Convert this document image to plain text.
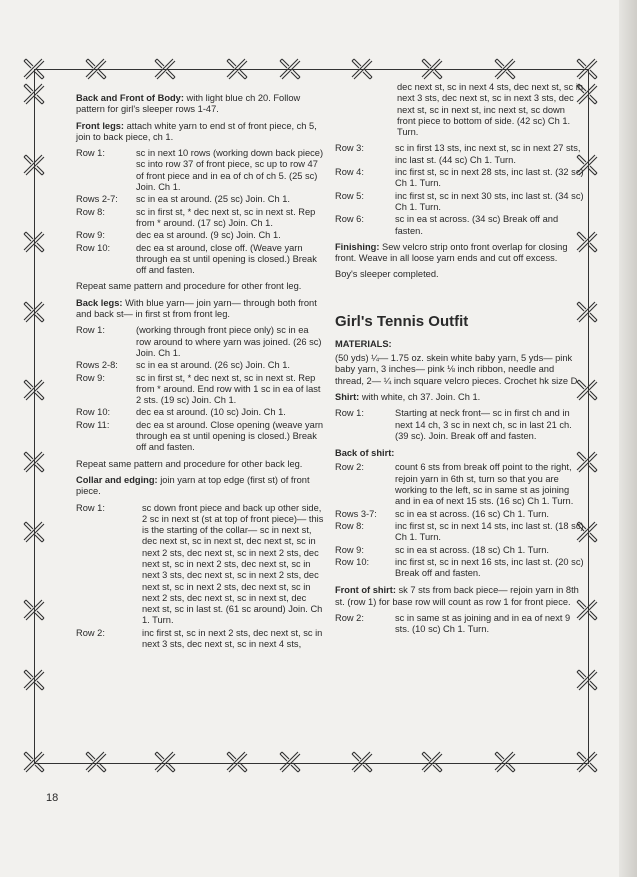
Back and Front of Body: with light blue ch 20. Follow pattern for girl's sleeper rows 1-47.

Front legs: attach white yarn to end st of front piece, ch 5, join to back piece, ch 1.

Row 1:	sc in next 10 rows (working down back piece) sc into row 37 of front piece, sc up to row 47 of front piece and in ea of ch of ch 5. (25 sc) Join. Ch 1.
Rows 2-7:	sc in ea st around. (25 sc) Join. Ch 1.
Row 8:	sc in first st, * dec next st, sc in next st. Rep from * around. (17 sc) Join. Ch 1.
Row 9:	dec ea st around. (9 sc) Join. Ch 1.
Row 10:	dec ea st around, close off. (Weave yarn through ea st until opening is closed.) Break off and fasten.

Repeat same pattern and procedure for other front leg.

Back legs: With blue yarn— join yarn— through both front and back st— in first st from front leg.

Row 1:	(working through front piece only) sc in ea row around to where yarn was joined. (26 sc) Join. Ch 1.
Rows 2-8:	sc in ea st around. (26 sc) Join. Ch 1.
Row 9:	sc in first st, * dec next st, sc in next st. Rep from * around. End row with 1 sc in ea of last 2 sts. (19 sc) Join. Ch 1.
Row 10:	dec ea st around. (10 sc) Join. Ch 1.
Row 11:	dec ea st around. Close opening (weave yarn through ea st until opening is closed.) Break off and fasten.

Repeat same pattern and procedure for other back leg.

Collar and edging: join yarn at top edge (first st) of front piece.

Row 1:	sc down front piece and back up other side, 2 sc in next st (st at top of front piece)— this is the starting of the collar— sc in next st, dec next st, sc in next st, dec next st, sc in next 2 sts, dec next st, sc in next 2 sts, dec next st, sc in next 2 sts, dec next st, sc in next 3 sts, dec next st, sc in next 2 sts, dec next st, sc in next 2 sts, dec next st, sc in next 2 sts, dec next st, sc in next st, dec next st, sc in last st. (61 sc around) Join. Ch 1. Turn.
Row 2:	inc first st, sc in next 2 sts, dec next st, sc in next 3 sts, dec next st, sc in next 4 sts,

dec next st, sc in next 4 sts, dec next st, sc in next 3 sts, dec next st, sc in next 3 sts, dec next st, sc in next st, inc next st, sc down front piece to bottom of side. (42 sc) Ch 1. Turn.

Row 3:	sc in first 13 sts, inc next st, sc in next 27 sts, inc last st. (44 sc) Ch 1. Turn.
Row 4:	inc first st, sc in next 28 sts, inc last st. (32 sc) Ch 1. Turn.
Row 5:	inc first st, sc in next 30 sts, inc last st. (34 sc) Ch 1. Turn.
Row 6:	sc in ea st across. (34 sc) Break off and fasten.

Finishing: Sew velcro strip onto front overlap for closing front. Weave in all loose yarn ends and cut off excess.

Boy's sleeper completed.

Girl's Tennis Outfit

MATERIALS:

(50 yds) ¼— 1.75 oz. skein white baby yarn, 5 yds— pink baby yarn, 3 inches— pink ⅛ inch ribbon, needle and thread, 2— ¼ inch square velcro pieces. Crochet hk size D.

Shirt: with white, ch 37. Join. Ch 1.

Row 1:	Starting at neck front— sc in first ch and in next 14 ch, 3 sc in next ch, sc in last 21 ch. (39 sc). Join. Break off and fasten.

Back of shirt:

Row 2:	count 6 sts from break off point to the right, rejoin yarn in 6th st, turn so that you are working to the left, sc in same st as joining and in ea of next 15 sts. (16 sc) Ch 1. Turn.
Rows 3-7:	sc in ea st across. (16 sc) Ch 1. Turn.
Row 8:	inc first st, sc in next 14 sts, inc last st. (18 sc) Ch 1. Turn.
Row 9:	sc in ea st across. (18 sc) Ch 1. Turn.
Row 10:	inc first st, sc in next 16 sts, inc last st. (20 sc) Break off and fasten.

Front of shirt: sk 7 sts from back piece— rejoin yarn in 8th st. (row 1) for base row will count as row 1 for front piece.

Row 2:	sc in same st as joining and in ea of next 9 sts. (10 sc) Ch 1. Turn.
18
